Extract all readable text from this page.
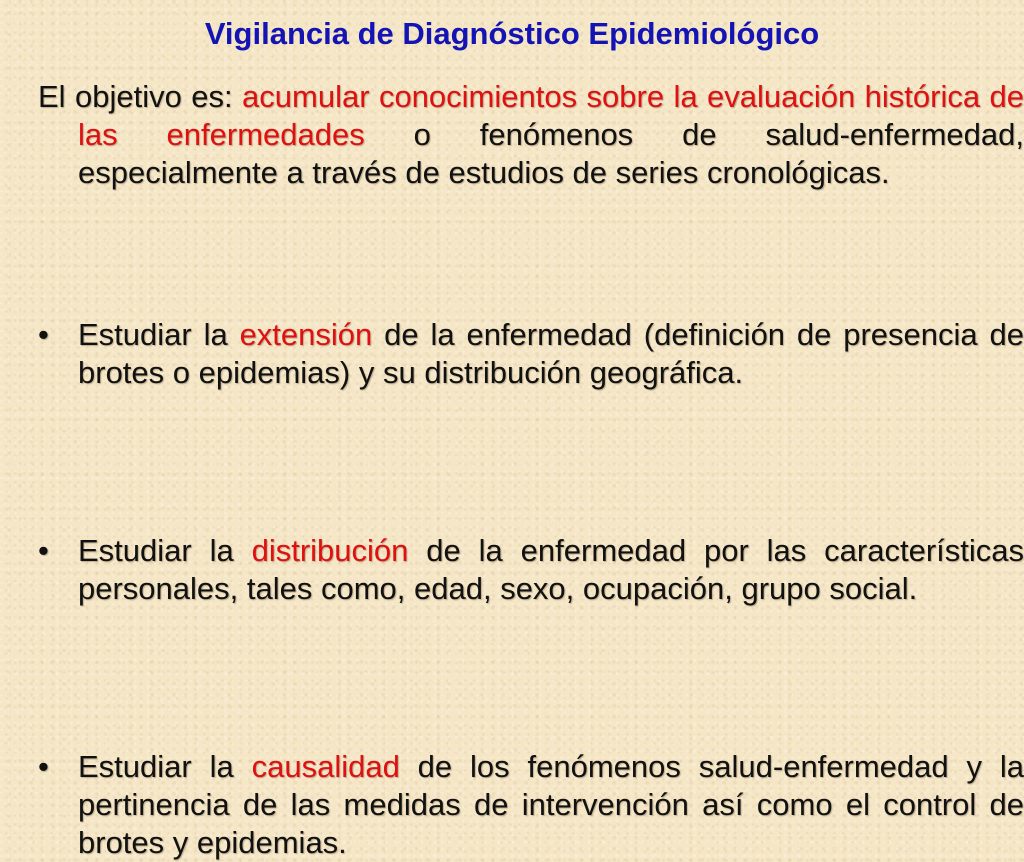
Vigilancia de Diagnóstico Epidemiológico
El objetivo es: acumular conocimientos sobre la evaluación histórica de las enfermedades o fenómenos de salud-enfermedad, especialmente a través de estudios de series cronológicas.
• Estudiar la extensión de la enfermedad (definición de presencia de brotes o epidemias) y su distribución geográfica.
• Estudiar la distribución de la enfermedad por las características personales, tales como, edad, sexo, ocupación, grupo social.
• Estudiar la causalidad de los fenómenos salud-enfermedad y la pertinencia de las medidas de intervención así como el control de brotes y epidemias.
